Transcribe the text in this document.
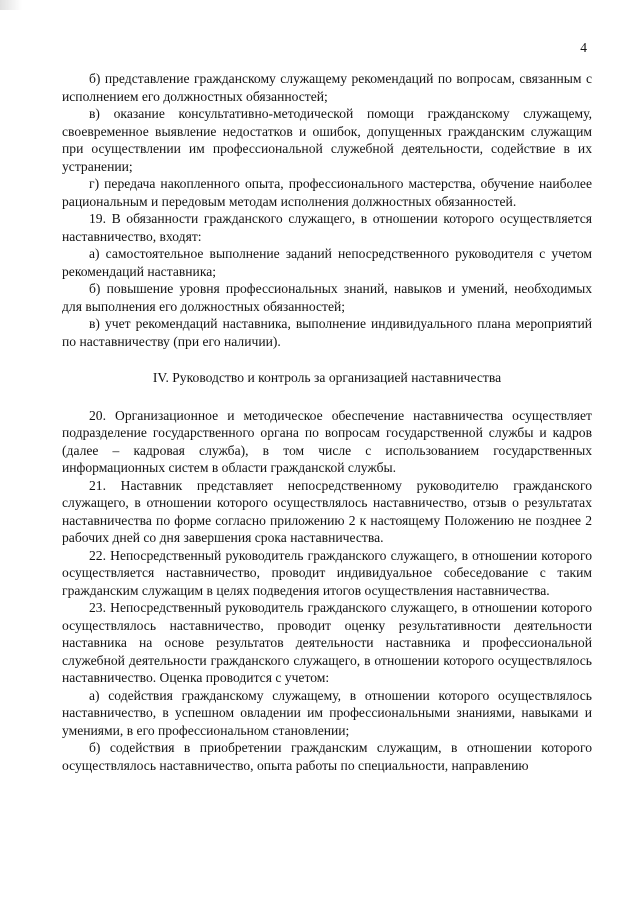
4

б) представление гражданскому служащему рекомендаций по вопросам, связанным с исполнением его должностных обязанностей;

в) оказание консультативно-методической помощи гражданскому служащему, своевременное выявление недостатков и ошибок, допущенных гражданским служащим при осуществлении им профессиональной служебной деятельности, содействие в их устранении;

г) передача накопленного опыта, профессионального мастерства, обучение наиболее рациональным и передовым методам исполнения должностных обязанностей.

19. В обязанности гражданского служащего, в отношении которого осуществляется наставничество, входят:

а) самостоятельное выполнение заданий непосредственного руководителя с учетом рекомендаций наставника;

б) повышение уровня профессиональных знаний, навыков и умений, необходимых для выполнения его должностных обязанностей;

в) учет рекомендаций наставника, выполнение индивидуального плана мероприятий по наставничеству (при его наличии).

IV. Руководство и контроль за организацией наставничества

20. Организационное и методическое обеспечение наставничества осуществляет подразделение государственного органа по вопросам государственной службы и кадров (далее – кадровая служба), в том числе с использованием государственных информационных систем в области гражданской службы.

21. Наставник представляет непосредственному руководителю гражданского служащего, в отношении которого осуществлялось наставничество, отзыв о результатах наставничества по форме согласно приложению 2 к настоящему Положению не позднее 2 рабочих дней со дня завершения срока наставничества.

22. Непосредственный руководитель гражданского служащего, в отношении которого осуществляется наставничество, проводит индивидуальное собеседование с таким гражданским служащим в целях подведения итогов осуществления наставничества.

23. Непосредственный руководитель гражданского служащего, в отношении которого осуществлялось наставничество, проводит оценку результативности деятельности наставника на основе результатов деятельности наставника и профессиональной служебной деятельности гражданского служащего, в отношении которого осуществлялось наставничество. Оценка проводится с учетом:

а) содействия гражданскому служащему, в отношении которого осуществлялось наставничество, в успешном овладении им профессиональными знаниями, навыками и умениями, в его профессиональном становлении;

б) содействия в приобретении гражданским служащим, в отношении которого осуществлялось наставничество, опыта работы по специальности, направлению
